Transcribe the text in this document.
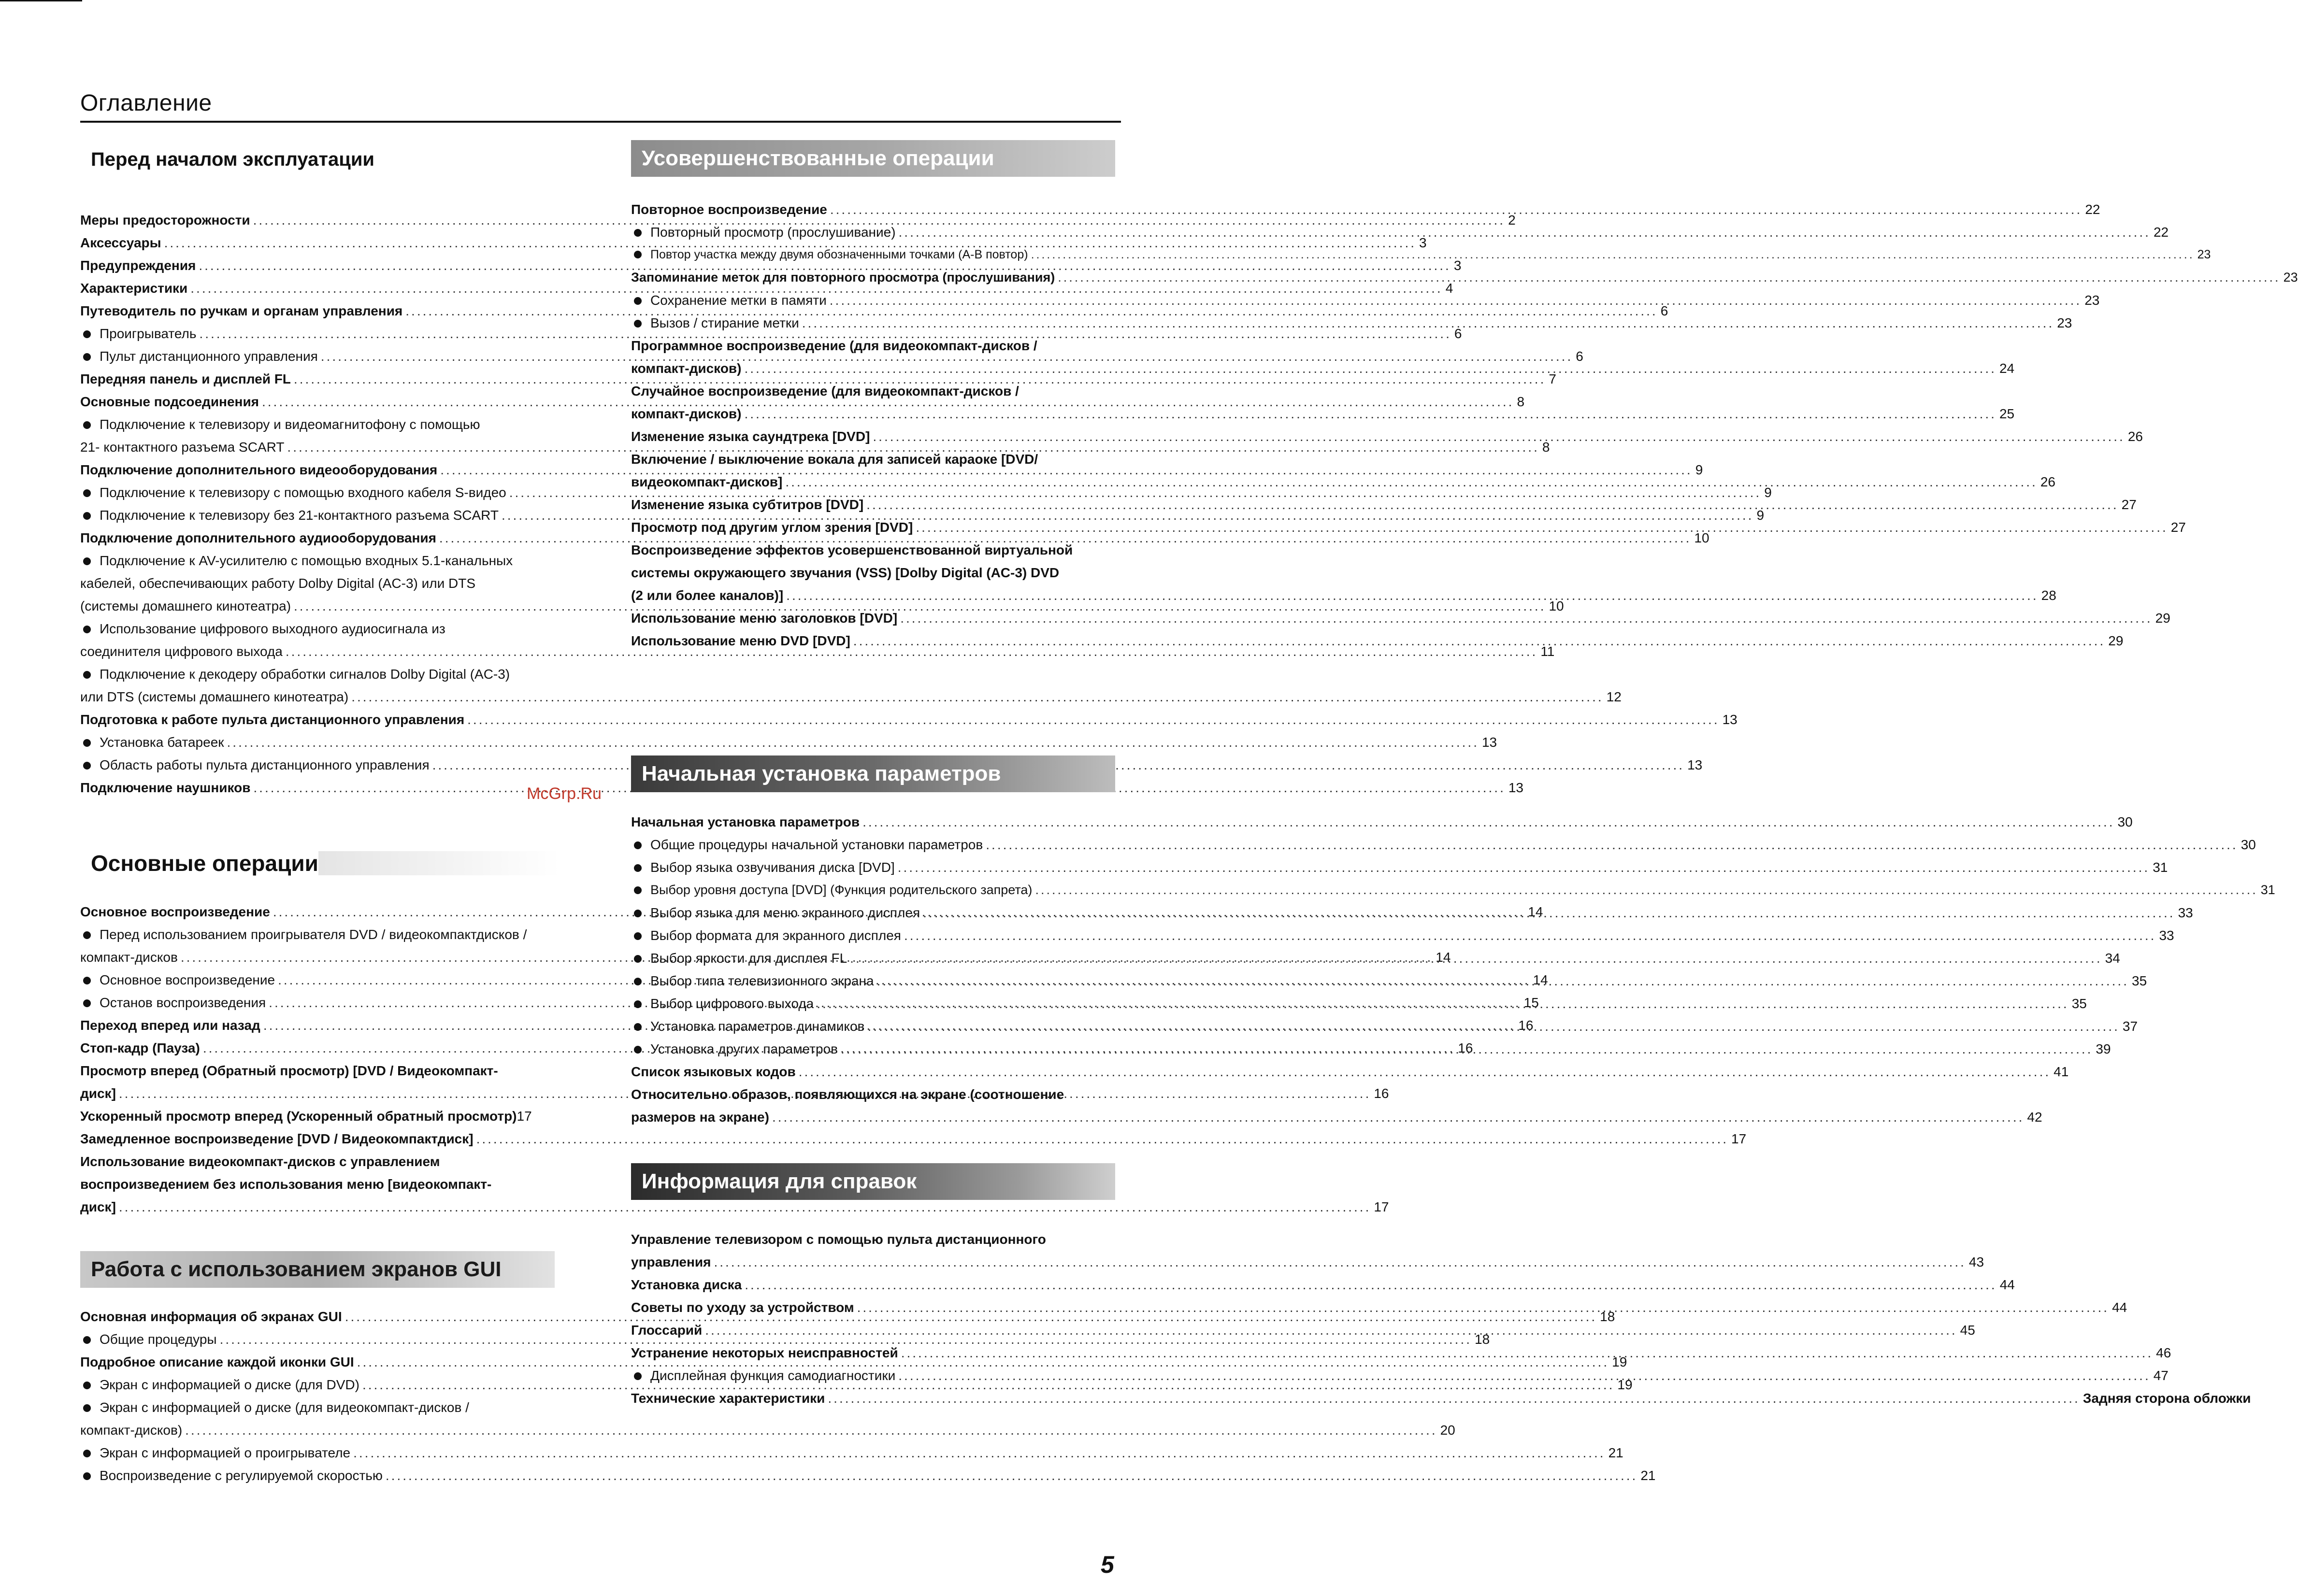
Оглавление
Перед началом эксплуатации
Меры предосторожности .....	2
Аксессуары .....	3
Предупреждения .....	3
Характеристики .....	4
Путеводитель по ручкам и органам управления .....	6
Проигрыватель .....	6
Пульт дистанционного управления .....	6
Передняя панель и дисплей FL .....	7
Основные подсоединения .....	8
Подключение к телевизору и видеомагнитофону с помощью
21- контактного разъема SCART .....	8
Подключение дополнительного видеооборудования .....	9
Подключение к телевизору с помощью входного кабеля S-видео .....	9
Подключение к телевизору без 21-контактного разъема SCART .....	9
Подключение дополнительного аудиооборудования .....	10
Подключение к AV-усилителю с помощью входных 5.1-канальных
кабелей, обеспечивающих работу Dolby Digital (AC-3) или DTS
(системы домашнего кинотеатра) .....	10
Использование цифрового выходного аудиосигнала из
соединителя цифрового выхода .....	11
Подключение к декодеру обработки сигналов Dolby Digital (AC-3)
или DTS (системы домашнего кинотеатра) .....	12
Подготовка к работе пульта дистанционного управления .....	13
Установка батареек .....	13
Область работы пульта дистанционного управления .....	13
Подключение наушников .....	13
Основные операции
Основное воспроизведение .....	14
Перед использованием проигрывателя DVD / видеокомпактдисков /
компакт-дисков .....	14
Основное воспроизведение .....	14
Останов воспроизведения .....	15
Переход вперед или назад .....	16
Стоп-кадр (Пауза) .....	16
Просмотр вперед (Обратный просмотр) [DVD / Видеокомпакт-
диск] .....	16
Ускоренный просмотр вперед (Ускоренный обратный просмотр) 17
Замедленное воспроизведение [DVD / Видеокомпактдиск] .....	17
Использование видеокомпакт-дисков с управлением
воспроизведением без использования меню [видеокомпакт-
диск] .....	17
Работа с использованием экранов GUI
Основная информация об экранах GUI .....	18
Общие процедуры .....	18
Подробное описание каждой иконки GUI .....	19
Экран с информацией о диске (для DVD) .....	19
Экран с информацией о диске (для видеокомпакт-дисков /
компакт-дисков) .....	20
Экран с информацией о проигрывателе .....	21
Воспроизведение с регулируемой скоростью .....	21
Усовершенствованные операции
Повторное воспроизведение .....	22
Повторный просмотр (прослушивание) .....	22
Повтор участка между двумя обозначенными точками (A-B повтор) .....	23
Запоминание меток для повторного просмотра (прослушивания) .....	23
Сохранение метки в памяти .....	23
Вызов / стирание метки .....	23
Программное воспроизведение (для видеокомпакт-дисков /
компакт-дисков) .....	24
Случайное воспроизведение (для видеокомпакт-дисков /
компакт-дисков) .....	25
Изменение языка саундтрека [DVD] .....	26
Включение / выключение вокала для записей караоке [DVD/
видеокомпакт-дисков] .....	26
Изменение языка субтитров [DVD] .....	27
Просмотр под другим углом зрения [DVD] .....	27
Воспроизведение эффектов усовершенствованной виртуальной
системы окружающего звучания (VSS) [Dolby Digital (AC-3) DVD
(2 или более каналов)] .....	28
Использование меню заголовков [DVD] .....	29
Использование меню DVD [DVD] .....	29
Начальная установка параметров
Начальная установка параметров .....	30
Общие процедуры начальной установки параметров .....	30
Выбор языка озвучивания диска [DVD] .....	31
Выбор уровня доступа [DVD] (Функция родительского запрета) .....	31
Выбор языка для меню экранного дисплея .....	33
Выбор формата для экранного дисплея .....	33
Выбор яркости для дисплея FL .....	34
Выбор типа телевизионного экрана .....	35
Выбор цифрового выхода .....	35
Установка параметров динамиков .....	37
Установка других параметров .....	39
Список языковых кодов .....	41
Относительно образов, появляющихся на экране (соотношение
размеров на экране) .....	42
Информация для справок
Управление телевизором с помощью пульта дистанционного
управления .....	43
Установка диска .....	44
Советы по уходу за устройством .....	44
Глоссарий .....	45
Устранение некоторых неисправностей .....	46
Дисплейная функция самодиагностики .....	47
Технические характеристики .....	Задняя сторона обложки
McGrp.Ru
5
